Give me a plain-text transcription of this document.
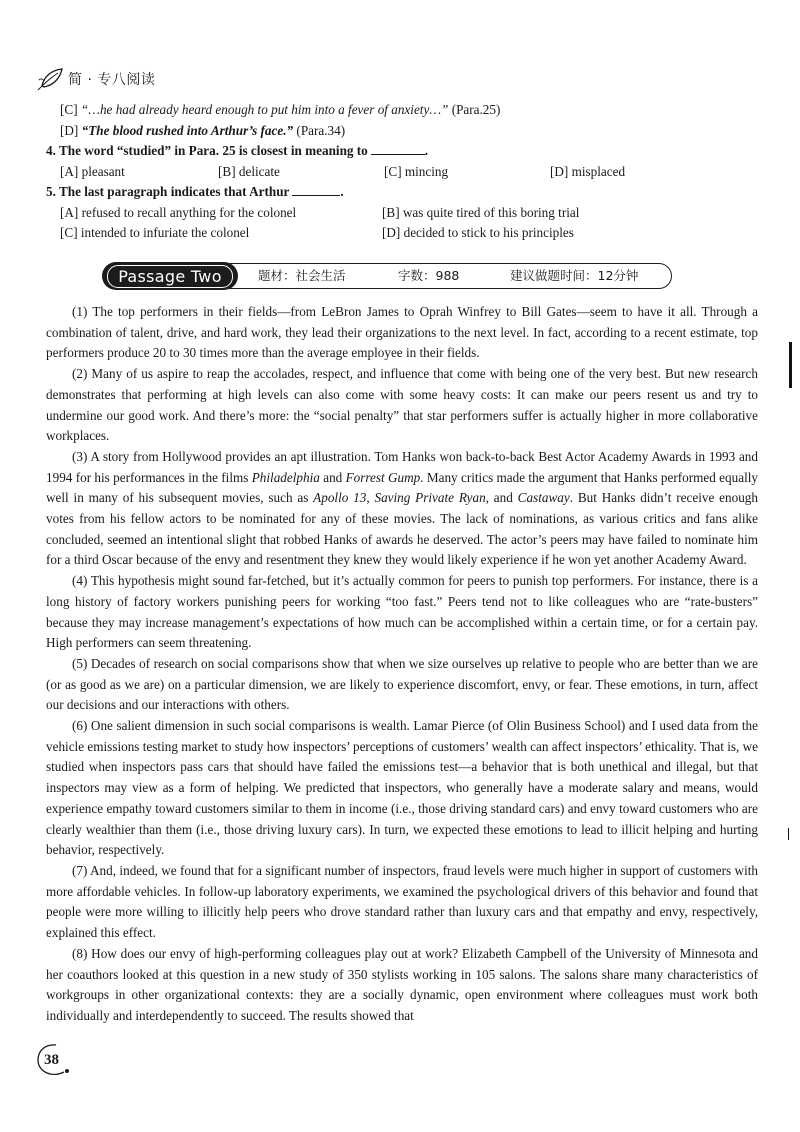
简 · 专八阅读
[C] “…he had already heard enough to put him into a fever of anxiety…” (Para.25)
[D] “The blood rushed into Arthur’s face.” (Para.34)
4. The word “studied” in Para. 25 is closest in meaning to	.
[A] pleasant	[B] delicate	[C] mincing	[D] misplaced
5. The last paragraph indicates that Arthur	.
[A] refused to recall anything for the colonel	[B] was quite tired of this boring trial
[C] intended to infuriate the colonel	[D] decided to stick to his principles
Passage Two	题材：社会生活	字数：988	建议做题时间：12分钟

(1) The top performers in their fields—from LeBron James to Oprah Winfrey to Bill Gates—seem to have it all. Through a combination of talent, drive, and hard work, they lead their organizations to the next level. In fact, according to a recent estimate, top performers produce 20 to 30 times more than the average employee in their fields.

(2) Many of us aspire to reap the accolades, respect, and influence that come with being one of the very best. But new research demonstrates that performing at high levels can also come with some heavy costs: It can make our peers resent us and try to undermine our good work. And there’s more: the “social penalty” that star performers suffer is actually higher in more collaborative workplaces.

(3) A story from Hollywood provides an apt illustration. Tom Hanks won back-to-back Best Actor Academy Awards in 1993 and 1994 for his performances in the films Philadelphia and Forrest Gump. Many critics made the argument that Hanks performed equally well in many of his subsequent movies, such as Apollo 13, Saving Private Ryan, and Castaway. But Hanks didn’t receive enough votes from his fellow actors to be nominated for any of these movies. The lack of nominations, as various critics and fans alike concluded, seemed an intentional slight that robbed Hanks of awards he deserved. The actor’s peers may have failed to nominate him for a third Oscar because of the envy and resentment they knew they would likely experience if he won yet another Academy Award.

(4) This hypothesis might sound far-fetched, but it’s actually common for peers to punish top performers. For instance, there is a long history of factory workers punishing peers for working “too fast.” Peers tend not to like colleagues who are “rate-busters” because they may increase management’s expectations of how much can be accomplished within a certain time, or for a certain pay. High performers can seem threatening.

(5) Decades of research on social comparisons show that when we size ourselves up relative to people who are better than we are (or as good as we are) on a particular dimension, we are likely to experience discomfort, envy, or fear. These emotions, in turn, affect our decisions and our interactions with others.

(6) One salient dimension in such social comparisons is wealth. Lamar Pierce (of Olin Business School) and I used data from the vehicle emissions testing market to study how inspectors’ perceptions of customers’ wealth can affect inspectors’ ethicality. That is, we studied when inspectors pass cars that should have failed the emissions test—a behavior that is both unethical and illegal, but that inspectors may view as a form of helping. We predicted that inspectors, who generally have a moderate salary and means, would experience empathy toward customers similar to them in income (i.e., those driving standard cars) and envy toward customers who are clearly wealthier than them (i.e., those driving luxury cars). In turn, we expected these emotions to lead to illicit helping and hurting behavior, respectively.

(7) And, indeed, we found that for a significant number of inspectors, fraud levels were much higher in support of customers with more affordable vehicles. In follow-up laboratory experiments, we examined the psychological drivers of this behavior and found that people were more willing to illicitly help peers who drove standard rather than luxury cars and that empathy and envy, respectively, explained this effect.

(8) How does our envy of high-performing colleagues play out at work? Elizabeth Campbell of the University of Minnesota and her coauthors looked at this question in a new study of 350 stylists working in 105 salons. The salons share many characteristics of workgroups in other organizational contexts: they are a socially dynamic, open environment where colleagues must work both individually and interdependently to succeed. The results showed that

38
